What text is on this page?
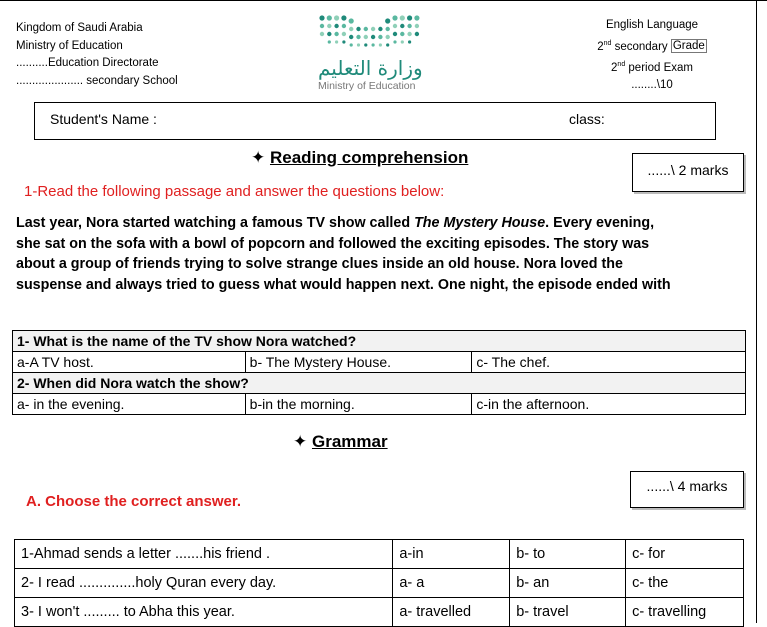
Kingdom of Saudi Arabia
Ministry of Education
..........Education Directorate
..................... secondary School
وزارة التعليم
Ministry of Education
English Language
2nd secondary Grade
2nd period Exam
........\10
Student's Name :	class:
✦ Reading comprehension
......\ 2 marks
1-Read the following passage and answer the questions below:
Last year, Nora started watching a famous TV show called The Mystery House. Every evening,
she sat on the sofa with a bowl of popcorn and followed the exciting episodes. The story was
about a group of friends trying to solve strange clues inside an old house. Nora loved the
suspense and always tried to guess what would happen next. One night, the episode ended with
1- What is the name of the TV show Nora watched?		
a-A TV host.	b- The Mystery House.	c- The chef.
2- When did Nora watch the show?		
a- in the evening.	b-in the morning.	c-in the afternoon.
✦ Grammar
......\ 4 marks
A. Choose the correct answer.
1-Ahmad sends a letter .......his friend .	a-in	b- to	c- for
2- I read ..............holy Quran every day.	a- a	b- an	c- the
3- I won't ......... to Abha this year.	a- travelled	b- travel	c- travelling
